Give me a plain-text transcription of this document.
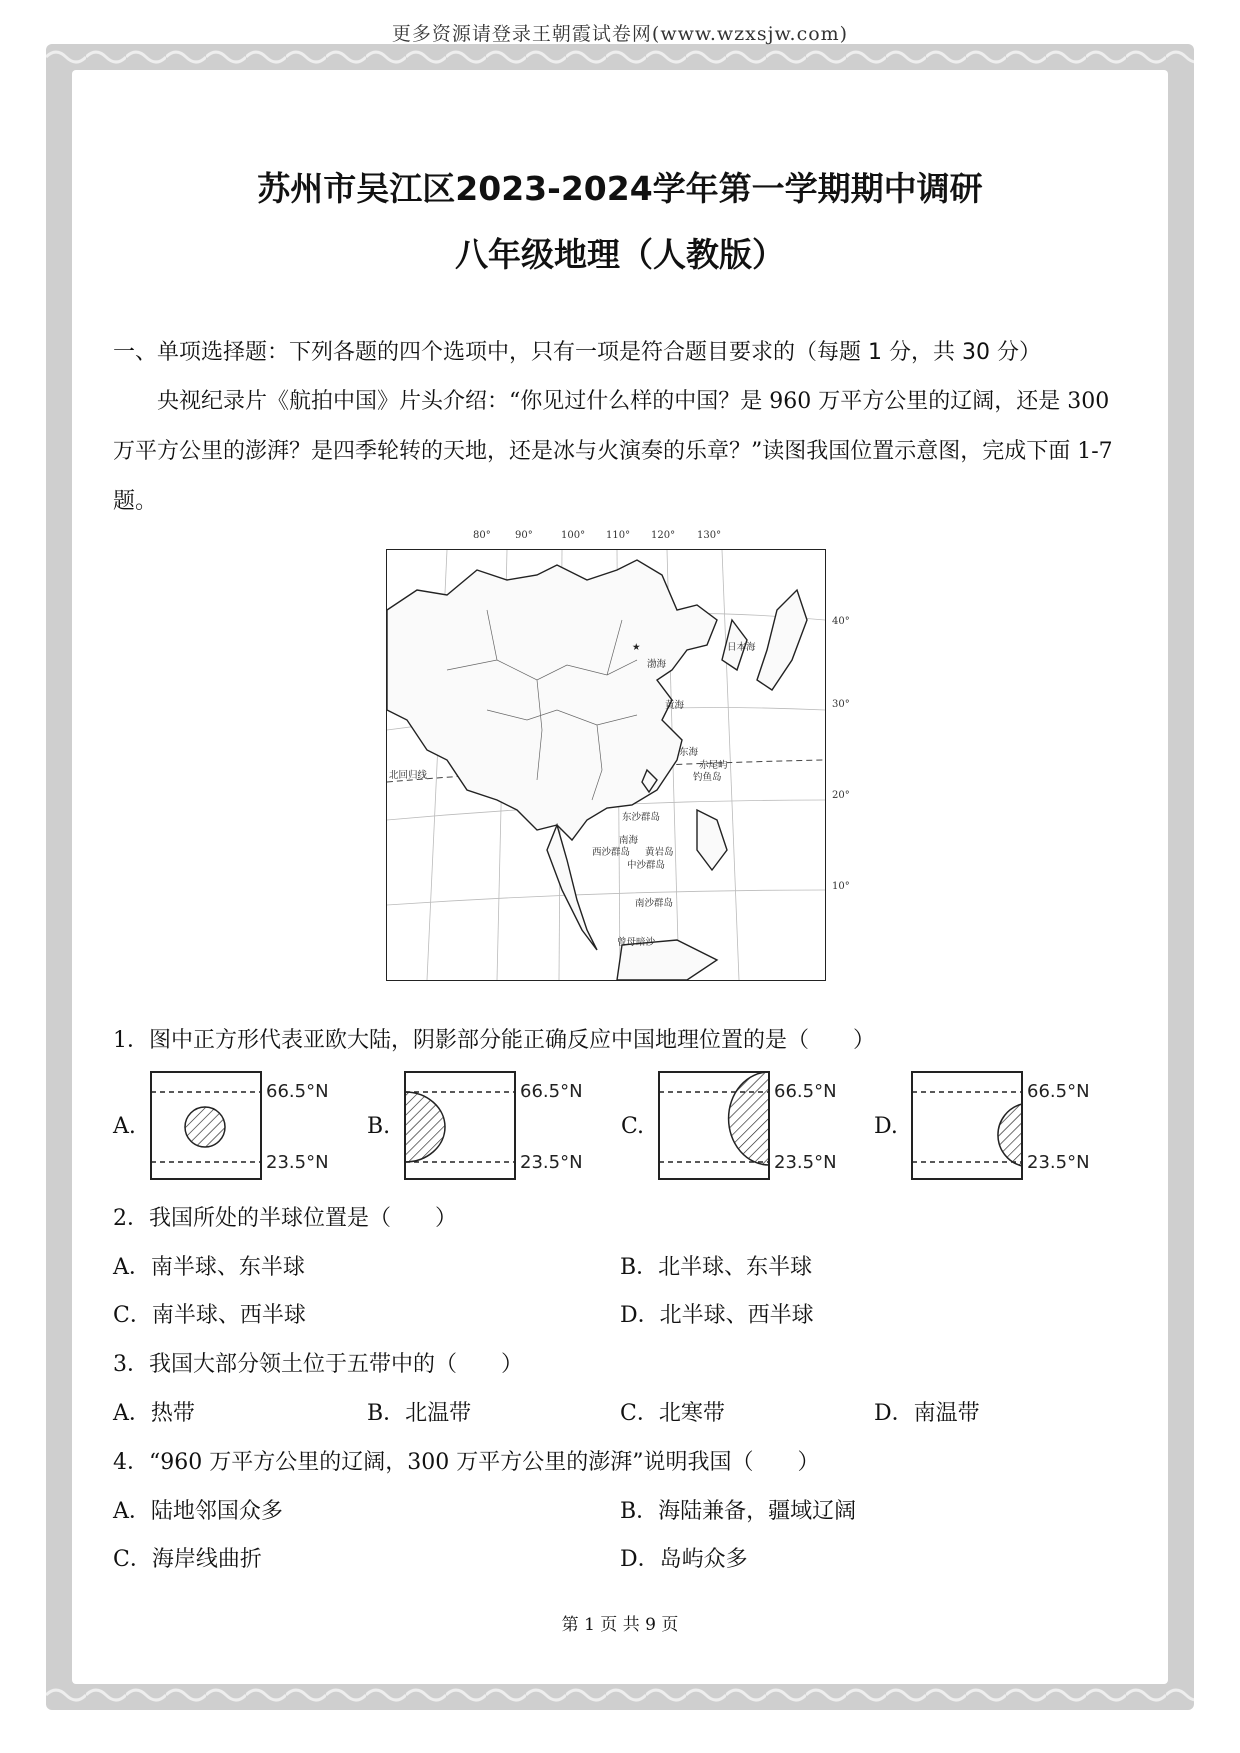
更多资源请登录王朝霞试卷网(www.wzxsjw.com)
苏州市吴江区2023-2024学年第一学期期中调研
八年级地理（人教版）
一、单项选择题：下列各题的四个选项中，只有一项是符合题目要求的（每题 1 分，共 30 分）
央视纪录片《航拍中国》片头介绍：“你见过什么样的中国？是 960 万平方公里的辽阔，还是 300 万平方公里的澎湃？是四季轮转的天地，还是冰与火演奏的乐章？”读图我国位置示意图，完成下面 1-7 题。
80° 90°	100° 110° 120° 130°
40°
30°
20°
10°
★	日本海
渤海
黄海
东海
赤尾屿
钓鱼岛
北回归线
东沙群岛
南海
西沙群岛 黄岩岛
中沙群岛
南沙群岛
曾母暗沙
1．图中正方形代表亚欧大陆，阴影部分能正确反应中国地理位置的是（　　）
A.	B.	C.	D.
66.5°N
23.5°N
66.5°N
23.5°N
66.5°N
23.5°N
66.5°N
23.5°N
2．我国所处的半球位置是（　　）
A．南半球、东半球	B．北半球、东半球
C．南半球、西半球	D．北半球、西半球
3．我国大部分领土位于五带中的（　　）
A．热带	B．北温带	C．北寒带	D．南温带
4．“960 万平方公里的辽阔，300 万平方公里的澎湃”说明我国（　　）
A．陆地邻国众多	B．海陆兼备，疆域辽阔
C．海岸线曲折	D．岛屿众多
第 1 页 共 9 页
